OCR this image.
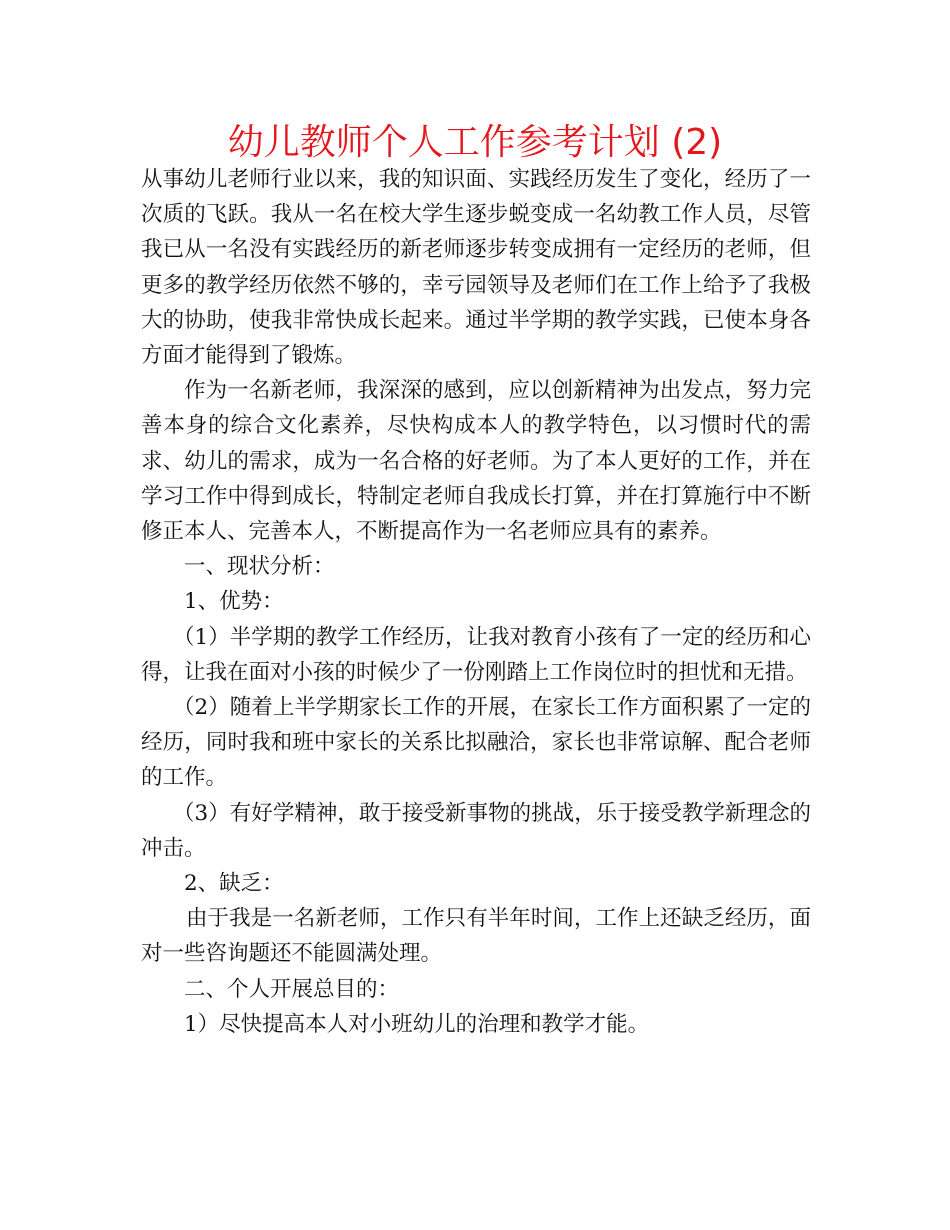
幼儿教师个人工作参考计划 (2)

从事幼儿老师行业以来，我的知识面、实践经历发生了变化，经历了一次质的飞跃。我从一名在校大学生逐步蜕变成一名幼教工作人员，尽管我已从一名没有实践经历的新老师逐步转变成拥有一定经历的老师，但更多的教学经历依然不够的，幸亏园领导及老师们在工作上给予了我极大的协助，使我非常快成长起来。通过半学期的教学实践，已使本身各方面才能得到了锻炼。

作为一名新老师，我深深的感到，应以创新精神为出发点，努力完善本身的综合文化素养，尽快构成本人的教学特色，以习惯时代的需求、幼儿的需求，成为一名合格的好老师。为了本人更好的工作，并在学习工作中得到成长，特制定老师自我成长打算，并在打算施行中不断修正本人、完善本人，不断提高作为一名老师应具有的素养。

一、现状分析：

1、优势：

（1）半学期的教学工作经历，让我对教育小孩有了一定的经历和心得，让我在面对小孩的时候少了一份刚踏上工作岗位时的担忧和无措。

（2）随着上半学期家长工作的开展，在家长工作方面积累了一定的经历，同时我和班中家长的关系比拟融洽，家长也非常谅解、配合老师的工作。

（3）有好学精神，敢于接受新事物的挑战，乐于接受教学新理念的冲击。

2、缺乏：

由于我是一名新老师，工作只有半年时间，工作上还缺乏经历，面对一些咨询题还不能圆满处理。

二、个人开展总目的：

1）尽快提高本人对小班幼儿的治理和教学才能。
